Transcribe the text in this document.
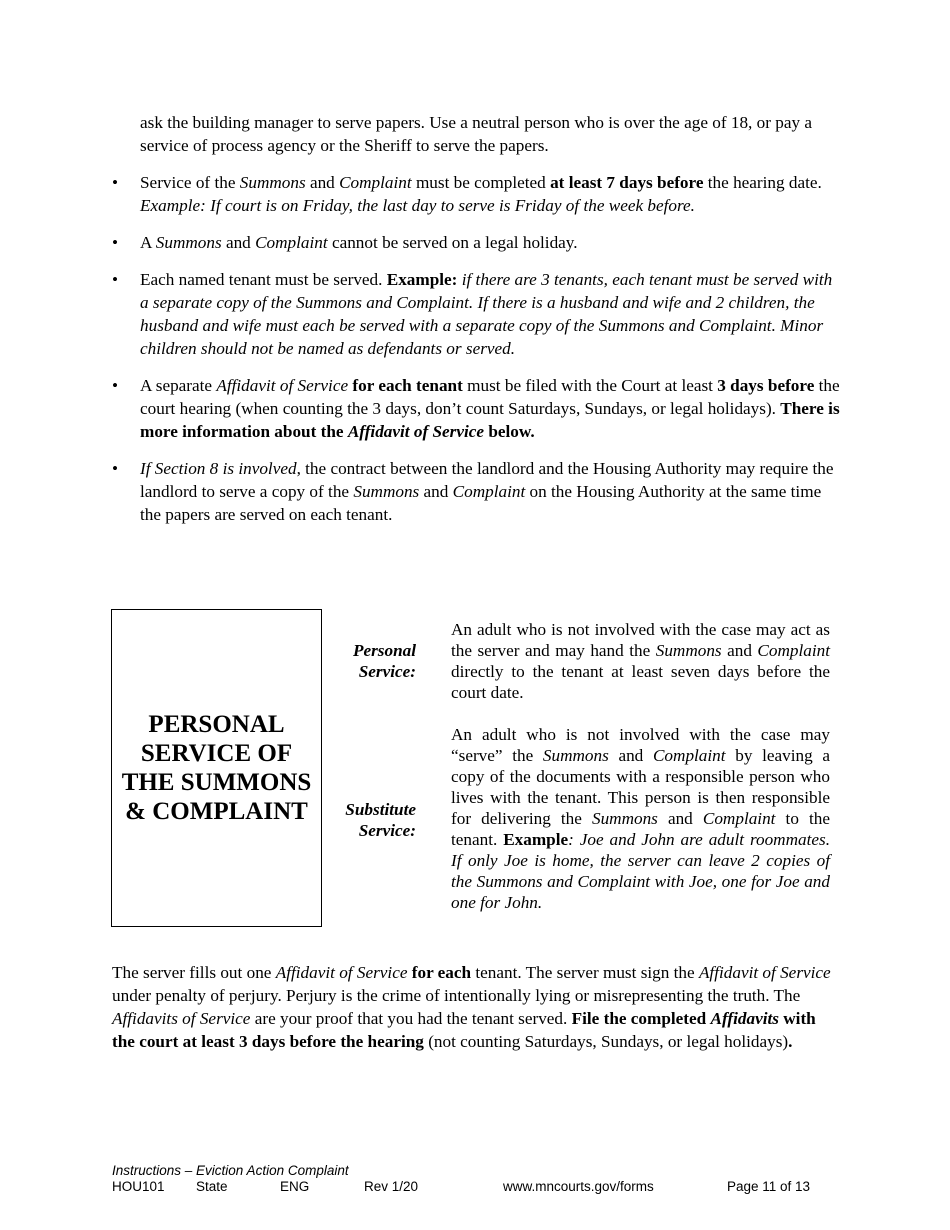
ask the building manager to serve papers. Use a neutral person who is over the age of 18, or pay a service of process agency or the Sheriff to serve the papers.

• Service of the Summons and Complaint must be completed at least 7 days before the hearing date. Example: If court is on Friday, the last day to serve is Friday of the week before.
• A Summons and Complaint cannot be served on a legal holiday.
• Each named tenant must be served. Example: if there are 3 tenants, each tenant must be served with a separate copy of the Summons and Complaint. If there is a husband and wife and 2 children, the husband and wife must each be served with a separate copy of the Summons and Complaint. Minor children should not be named as defendants or served.
• A separate Affidavit of Service for each tenant must be filed with the Court at least 3 days before the court hearing (when counting the 3 days, don’t count Saturdays, Sundays, or legal holidays). There is more information about the Affidavit of Service below.
• If Section 8 is involved, the contract between the landlord and the Housing Authority may require the landlord to serve a copy of the Summons and Complaint on the Housing Authority at the same time the papers are served on each tenant.
PERSONAL
SERVICE OF
THE SUMMONS
& COMPLAINT
Personal
Service:

An adult who is not involved with the case may act as the server and may hand the Summons and Complaint directly to the tenant at least seven days before the court date.

Substitute
Service:

An adult who is not involved with the case may “serve” the Summons and Complaint by leaving a copy of the documents with a responsible person who lives with the tenant. This person is then responsible for delivering the Summons and Complaint to the tenant. Example: Joe and John are adult roommates. If only Joe is home, the server can leave 2 copies of the Summons and Complaint with Joe, one for Joe and one for John.

The server fills out one Affidavit of Service for each tenant. The server must sign the Affidavit of Service under penalty of perjury. Perjury is the crime of intentionally lying or misrepresenting the truth. The Affidavits of Service are your proof that you had the tenant served. File the completed Affidavits with the court at least 3 days before the hearing (not counting Saturdays, Sundays, or legal holidays).

Instructions – Eviction Action Complaint
HOU101 State	ENG	Rev 1/20	www.mncourts.gov/forms	Page 11 of 13
